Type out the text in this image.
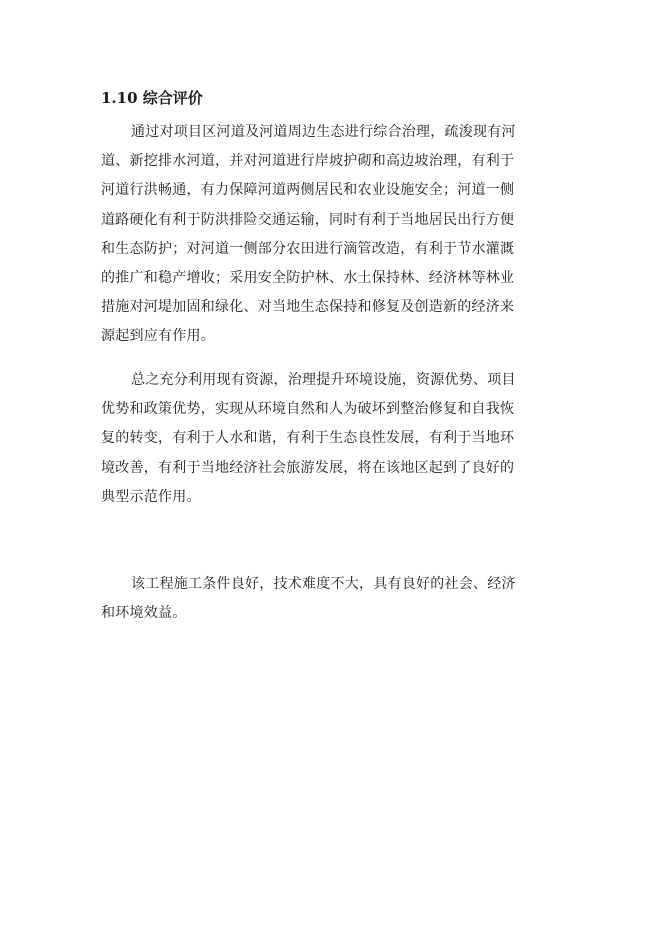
1.10 综合评价
通过对项目区河道及河道周边生态进行综合治理，疏浚现有河
道、新挖排水河道，并对河道进行岸坡护砌和高边坡治理，有利于
河道行洪畅通，有力保障河道两侧居民和农业设施安全；河道一侧
道路硬化有利于防洪排险交通运输，同时有利于当地居民出行方便
和生态防护；对河道一侧部分农田进行滴管改造，有利于节水灌溉
的推广和稳产增收；采用安全防护林、水土保持林、经济林等林业
措施对河堤加固和绿化、对当地生态保持和修复及创造新的经济来
源起到应有作用。
总之充分利用现有资源，治理提升环境设施，资源优势、项目
优势和政策优势，实现从环境自然和人为破坏到整治修复和自我恢
复的转变，有利于人水和谐，有利于生态良性发展，有利于当地环
境改善，有利于当地经济社会旅游发展，将在该地区起到了良好的
典型示范作用。
该工程施工条件良好，技术难度不大，具有良好的社会、经济
和环境效益。
